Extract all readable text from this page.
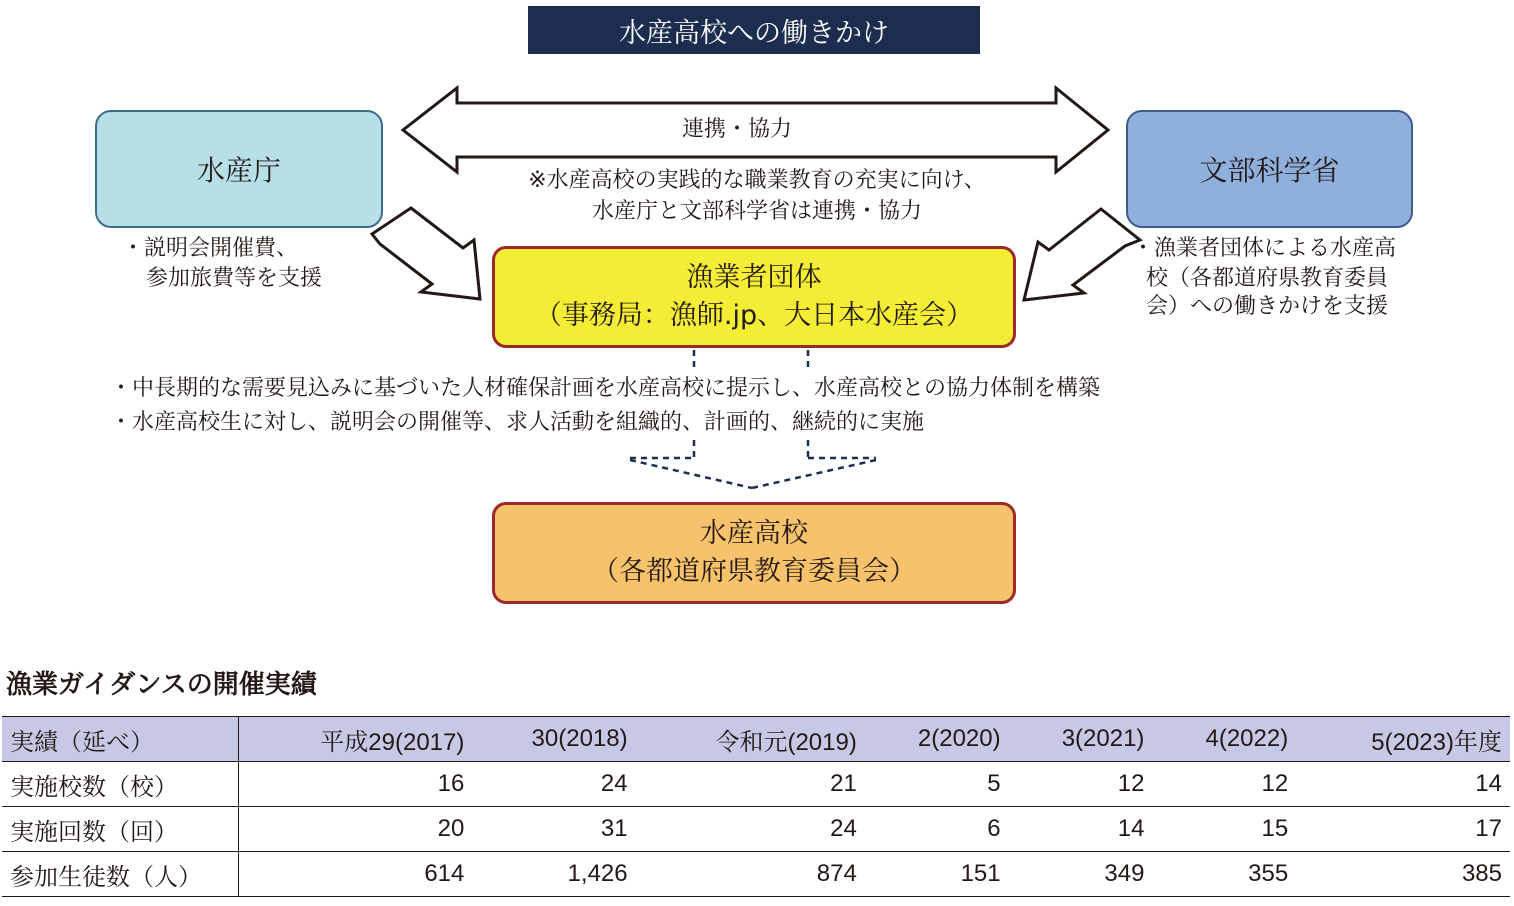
水産高校への働きかけ
連携・協力
※水産高校の実践的な職業教育の充実に向け、
水産庁と文部科学省は連携・協力
水産庁
・説明会開催費、
参加旅費等を支援
文部科学省
・漁業者団体による水産高
校（各都道府県教育委員
会）への働きかけを支援
漁業者団体
（事務局：漁師.jp、大日本水産会）
・中長期的な需要見込みに基づいた人材確保計画を水産高校に提示し、水産高校との協力体制を構築
・水産高校生に対し、説明会の開催等、求人活動を組織的、計画的、継続的に実施
水産高校
（各都道府県教育委員会）
漁業ガイダンスの開催実績
実績（延べ）	平成29(2017)	30(2018)	令和元(2019)	2(2020)	3(2021)	4(2022)	5(2023)年度
実施校数（校）	16	24	21	5	12	12	14
実施回数（回）	20	31	24	6	14	15	17
参加生徒数（人）	614	1,426	874	151	349	355	385
